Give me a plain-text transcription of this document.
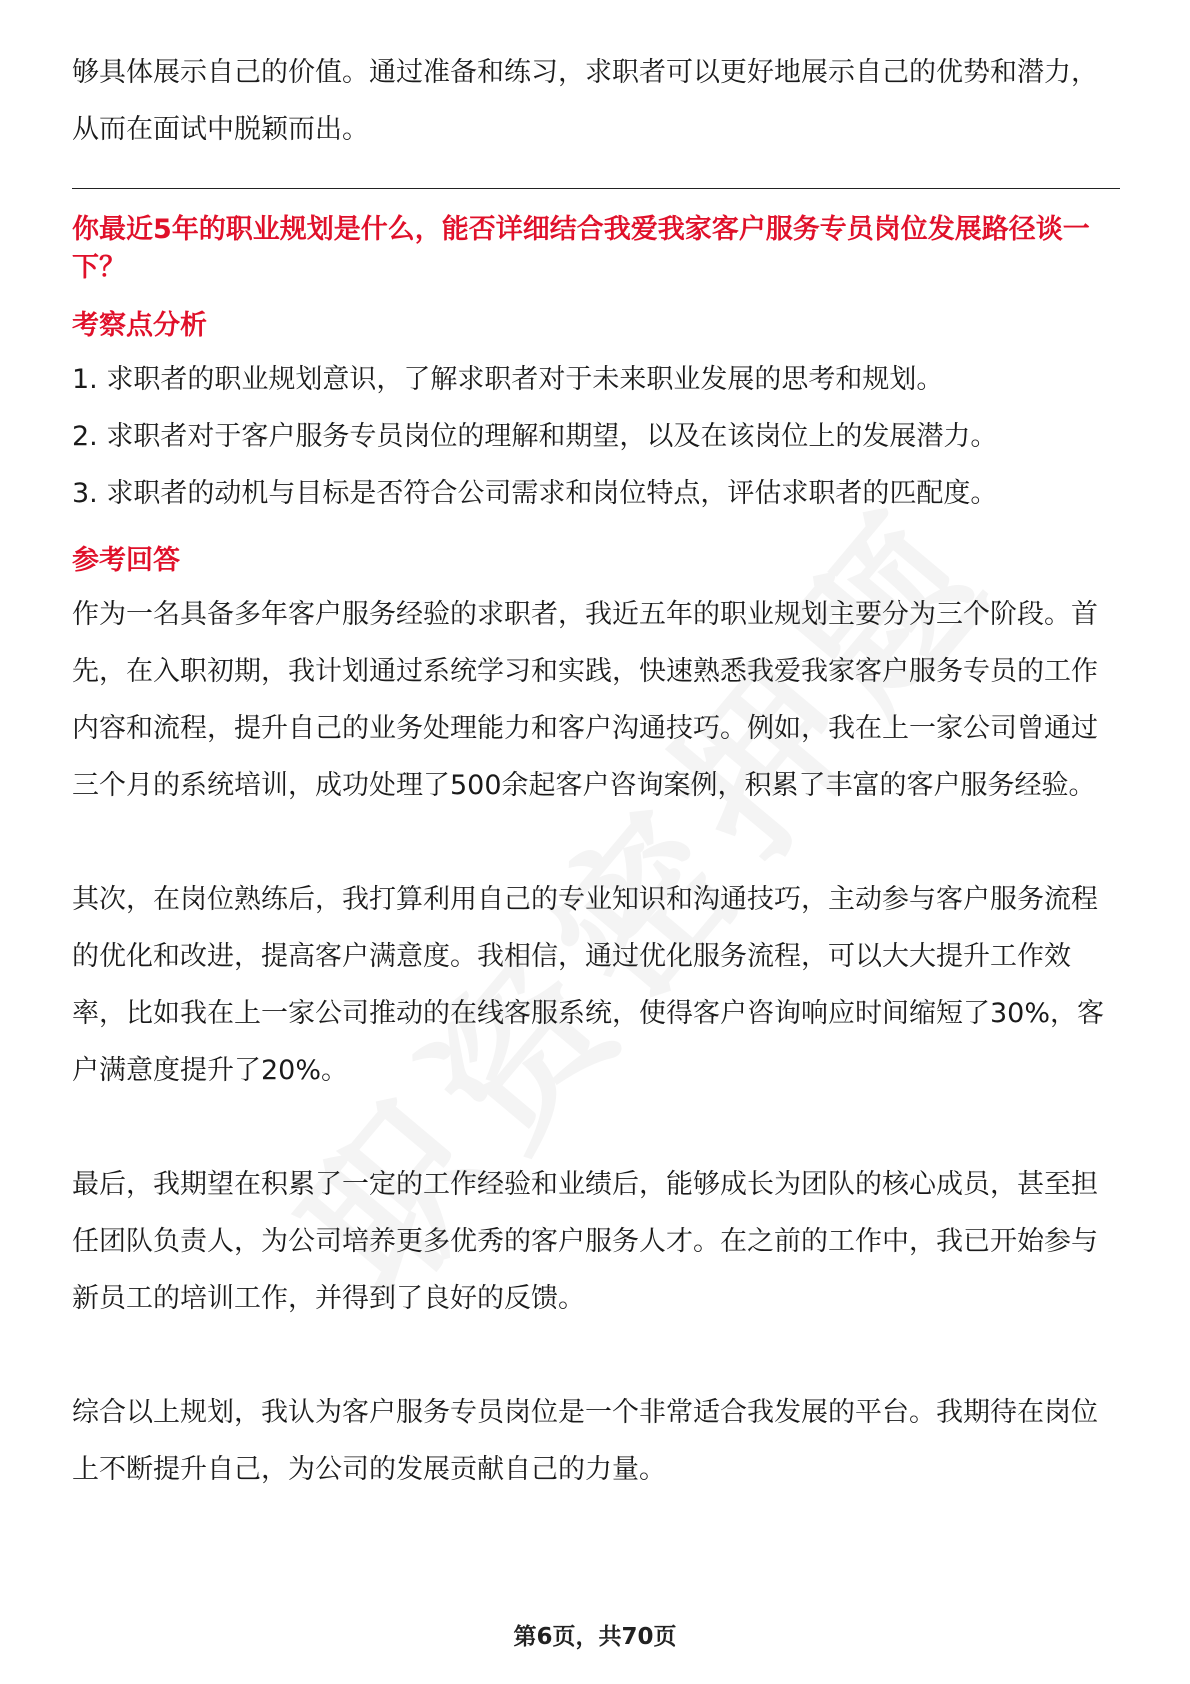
够具体展示自己的价值。通过准备和练习，求职者可以更好地展示自己的优势和潜力，从而在面试中脱颖而出。

你最近5年的职业规划是什么，能否详细结合我爱我家客户服务专员岗位发展路径谈一下？
考察点分析

1. 求职者的职业规划意识，了解求职者对于未来职业发展的思考和规划。

2. 求职者对于客户服务专员岗位的理解和期望，以及在该岗位上的发展潜力。

3. 求职者的动机与目标是否符合公司需求和岗位特点，评估求职者的匹配度。

参考回答

作为一名具备多年客户服务经验的求职者，我近五年的职业规划主要分为三个阶段。首先，在入职初期，我计划通过系统学习和实践，快速熟悉我爱我家客户服务专员的工作内容和流程，提升自己的业务处理能力和客户沟通技巧。例如，我在上一家公司曾通过三个月的系统培训，成功处理了500余起客户咨询案例，积累了丰富的客户服务经验。

其次，在岗位熟练后，我打算利用自己的专业知识和沟通技巧，主动参与客户服务流程的优化和改进，提高客户满意度。我相信，通过优化服务流程，可以大大提升工作效率，比如我在上一家公司推动的在线客服系统，使得客户咨询响应时间缩短了30%，客户满意度提升了20%。

最后，我期望在积累了一定的工作经验和业绩后，能够成长为团队的核心成员，甚至担任团队负责人，为公司培养更多优秀的客户服务人才。在之前的工作中，我已开始参与新员工的培训工作，并得到了良好的反馈。

综合以上规划，我认为客户服务专员岗位是一个非常适合我发展的平台。我期待在岗位上不断提升自己，为公司的发展贡献自己的力量。

第6页，共70页
